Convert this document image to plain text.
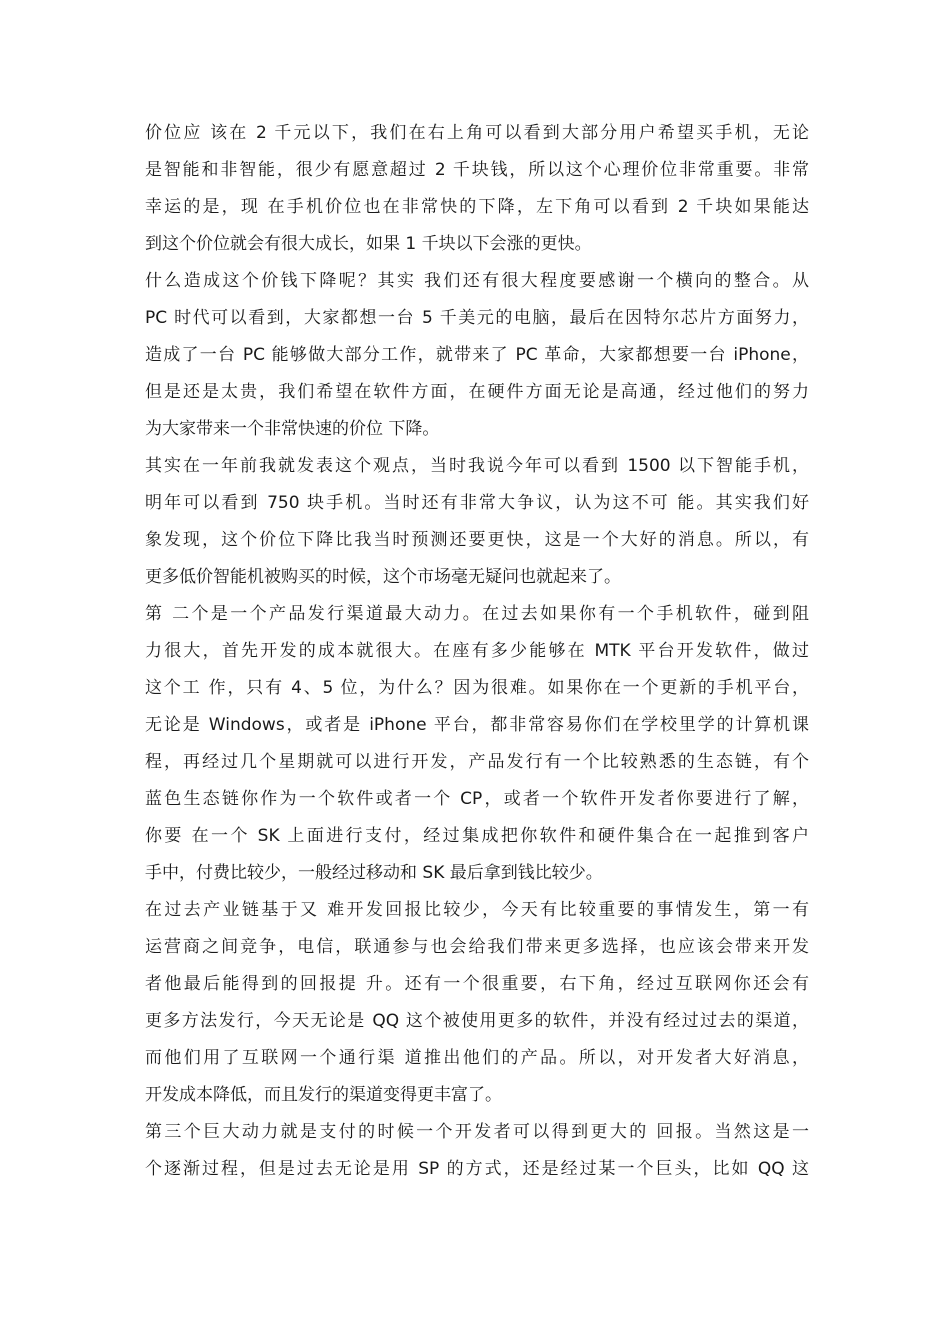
价位应 该在 2 千元以下，我们在右上角可以看到大部分用户希望买手机，无论
是智能和非智能，很少有愿意超过 2 千块钱，所以这个心理价位非常重要。非常
幸运的是，现 在手机价位也在非常快的下降，左下角可以看到 2 千块如果能达
到这个价位就会有很大成长，如果 1 千块以下会涨的更快。
什么造成这个价钱下降呢？其实 我们还有很大程度要感谢一个横向的整合。从
PC 时代可以看到，大家都想一台 5 千美元的电脑，最后在因特尔芯片方面努力，
造成了一台 PC 能够做大部分工作，就带来了 PC 革命，大家都想要一台 iPhone，
但是还是太贵，我们希望在软件方面，在硬件方面无论是高通，经过他们的努力
为大家带来一个非常快速的价位 下降。
其实在一年前我就发表这个观点，当时我说今年可以看到 1500 以下智能手机，
明年可以看到 750 块手机。当时还有非常大争议，认为这不可 能。其实我们好
象发现，这个价位下降比我当时预测还要更快，这是一个大好的消息。所以，有
更多低价智能机被购买的时候，这个市场毫无疑问也就起来了。
第 二个是一个产品发行渠道最大动力。在过去如果你有一个手机软件，碰到阻
力很大，首先开发的成本就很大。在座有多少能够在 MTK 平台开发软件，做过
这个工 作，只有 4、5 位，为什么？因为很难。如果你在一个更新的手机平台，
无论是 Windows，或者是 iPhone 平台，都非常容易你们在学校里学的计算机课
程，再经过几个星期就可以进行开发，产品发行有一个比较熟悉的生态链，有个
蓝色生态链你作为一个软件或者一个 CP，或者一个软件开发者你要进行了解，
你要 在一个 SK 上面进行支付，经过集成把你软件和硬件集合在一起推到客户
手中，付费比较少，一般经过移动和 SK 最后拿到钱比较少。
在过去产业链基于又 难开发回报比较少，今天有比较重要的事情发生，第一有
运营商之间竞争，电信，联通参与也会给我们带来更多选择，也应该会带来开发
者他最后能得到的回报提 升。还有一个很重要，右下角，经过互联网你还会有
更多方法发行，今天无论是 QQ 这个被使用更多的软件，并没有经过过去的渠道，
而他们用了互联网一个通行渠 道推出他们的产品。所以，对开发者大好消息，
开发成本降低，而且发行的渠道变得更丰富了。
第三个巨大动力就是支付的时候一个开发者可以得到更大的 回报。当然这是一
个逐渐过程，但是过去无论是用 SP 的方式，还是经过某一个巨头，比如 QQ 这
